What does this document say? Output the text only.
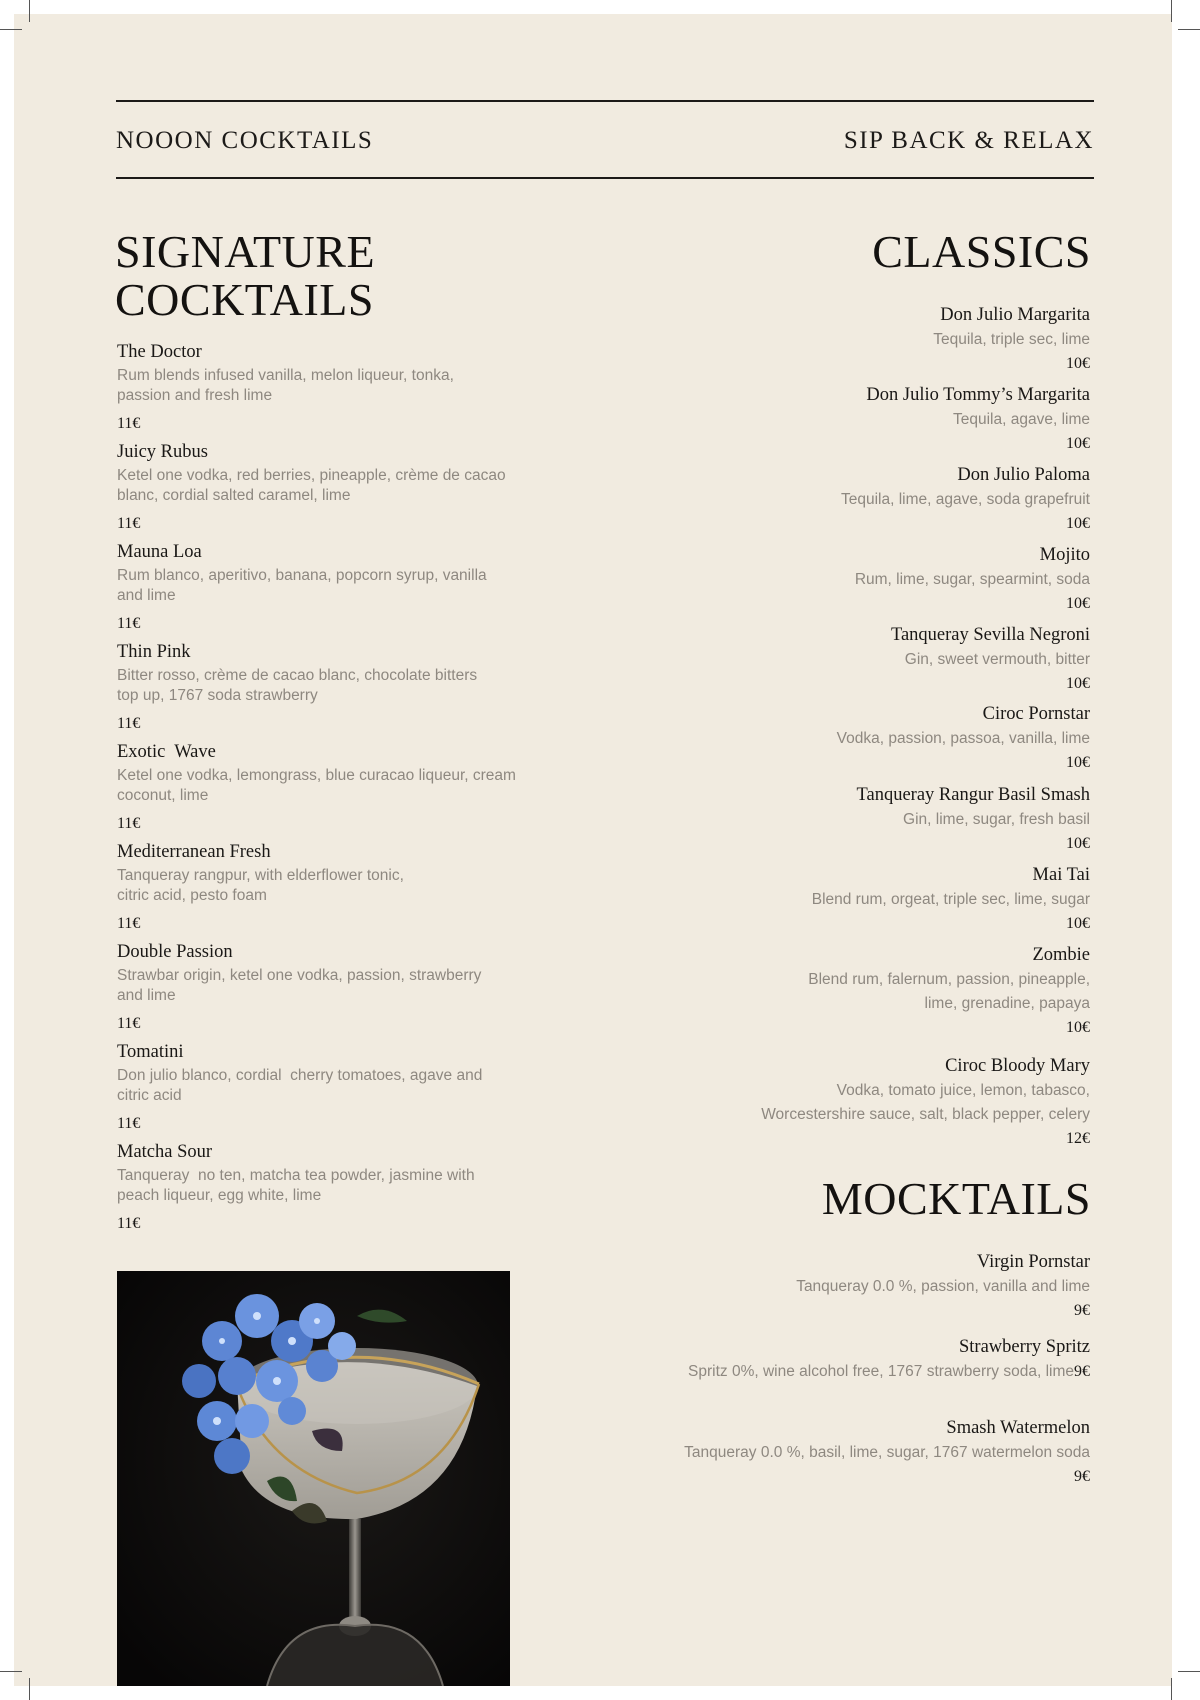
NOOON COCKTAILS	SIP BACK & RELAX
SIGNATURE
COCKTAILS
The Doctor
Rum blends infused vanilla, melon liqueur, tonka,
passion and fresh lime
11€
Juicy Rubus
Ketel one vodka, red berries, pineapple, crème de cacao
blanc, cordial salted caramel, lime
11€
Mauna Loa
Rum blanco, aperitivo, banana, popcorn syrup, vanilla
and lime
11€
Thin Pink
Bitter rosso, crème de cacao blanc, chocolate bitters
top up, 1767 soda strawberry
11€
Exotic  Wave
Ketel one vodka, lemongrass, blue curacao liqueur, cream
coconut, lime
11€
Mediterranean Fresh
Tanqueray rangpur, with elderflower tonic,
citric acid, pesto foam
11€
Double Passion
Strawbar origin, ketel one vodka, passion, strawberry
and lime
11€
Tomatini
Don julio blanco, cordial  cherry tomatoes, agave and
citric acid
11€
Matcha Sour
Tanqueray  no ten, matcha tea powder, jasmine with
peach liqueur, egg white, lime
11€
CLASSICS
Don Julio Margarita
Tequila, triple sec, lime
10€
Don Julio Tommy’s Margarita
Tequila, agave, lime
10€
Don Julio Paloma
Tequila, lime, agave, soda grapefruit
10€
Mojito
Rum, lime, sugar, spearmint, soda
10€
Tanqueray Sevilla Negroni
Gin, sweet vermouth, bitter
10€
Ciroc Pornstar
Vodka, passion, passoa, vanilla, lime
10€
Tanqueray Rangur Basil Smash
Gin, lime, sugar, fresh basil
10€
Mai Tai
Blend rum, orgeat, triple sec, lime, sugar
10€
Zombie
Blend rum, falernum, passion, pineapple,
lime, grenadine, papaya
10€
Ciroc Bloody Mary
Vodka, tomato juice, lemon, tabasco,
Worcestershire sauce, salt, black pepper, celery
12€
MOCKTAILS
Virgin Pornstar
Tanqueray 0.0 %, passion, vanilla and lime
9€
Strawberry Spritz
Spritz 0%, wine alcohol free, 1767 strawberry soda, lime9€
Smash Watermelon
Tanqueray 0.0 %, basil, lime, sugar, 1767 watermelon soda
9€
